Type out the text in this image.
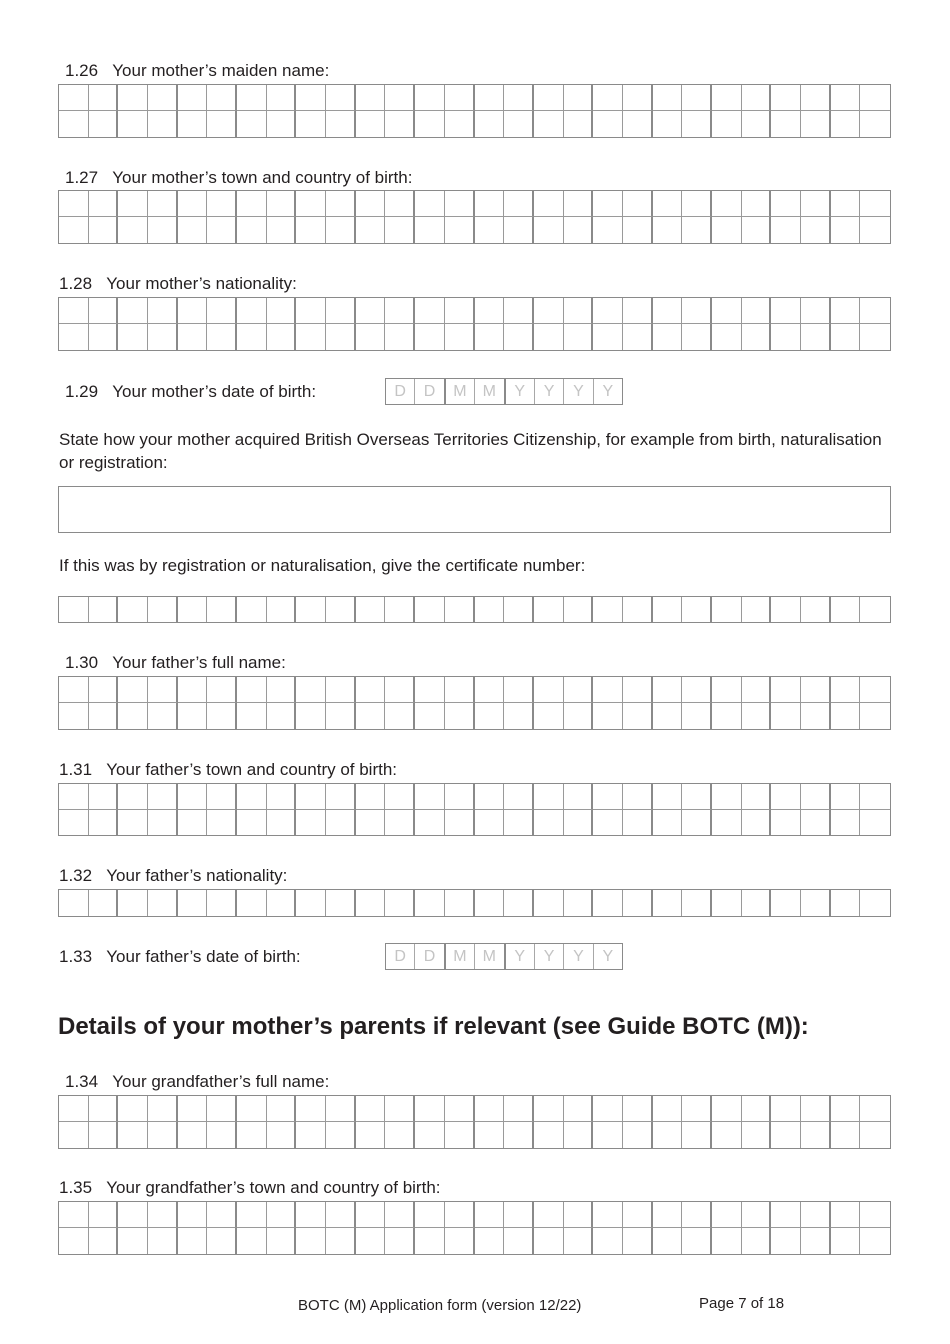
1.26 Your mother’s maiden name:
1.27 Your mother’s town and country of birth:
1.28 Your mother’s nationality:
1.29 Your mother’s date of birth:	D	D	M	M	Y	Y	Y	Y
State how your mother acquired British Overseas Territories Citizenship, for example from birth, naturalisation or registration:
If this was by registration or naturalisation, give the certificate number:
1.30 Your father’s full name:
1.31 Your father’s town and country of birth:
1.32 Your father’s nationality:
1.33 Your father’s date of birth:	D	D	M	M	Y	Y	Y	Y
Details of your mother’s parents if relevant (see Guide BOTC (M)):
1.34 Your grandfather’s full name:
1.35 Your grandfather’s town and country of birth:
BOTC (M) Application form (version 12/22)	Page 7 of 18
